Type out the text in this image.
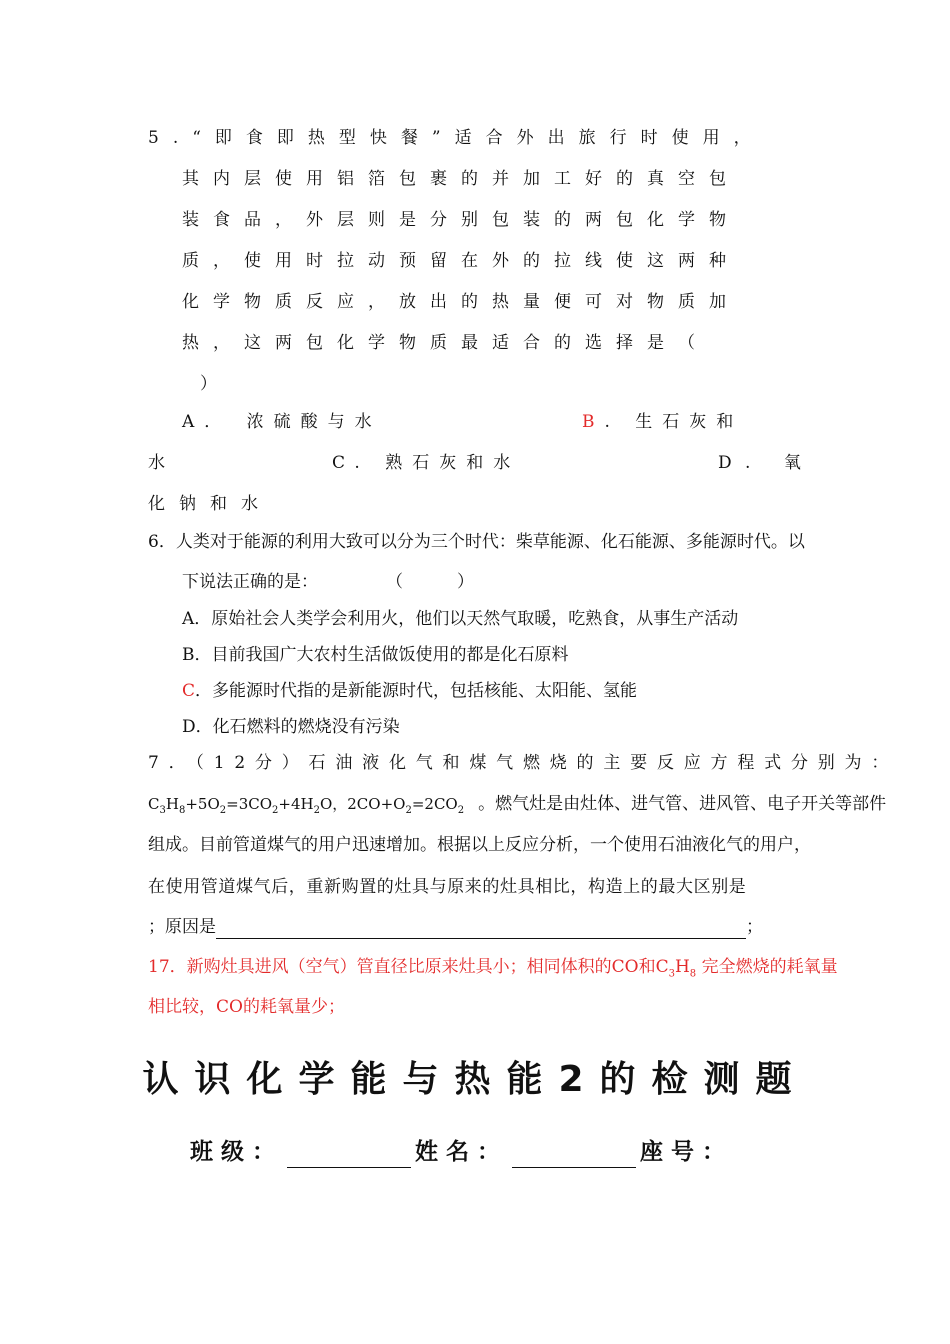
5.“即食即热型快餐”适合外出旅行时使用，
其内层使用铝箔包裹的并加工好的真空包
装食品，外层则是分别包装的两包化学物
质，使用时拉动预留在外的拉线使这两种
化学物质反应，放出的热量便可对物质加
热，这两包化学物质最适合的选择是（
）
A． 浓硫酸与水	B. 生石灰和
水	C. 熟石灰和水	D. 氧
化钠和水
6．人类对于能源的利用大致可以分为三个时代：柴草能源、化石能源、多能源时代。以
下说法正确的是：	（          ）
A．原始社会人类学会利用火，他们以天然气取暖，吃熟食，从事生产活动
B．目前我国广大农村生活做饭使用的都是化石原料
C．多能源时代指的是新能源时代，包括核能、太阳能、氢能
D．化石燃料的燃烧没有污染
7．（12分）石油液化气和煤气燃烧的主要反应方程式分别为：
$C_3H_8+5O_2=3CO_2+4H_2O$，$2CO+O_2=2CO_2$ 。燃气灶是由灶体、进气管、进风管、电子开关等部件
组成。目前管道煤气的用户迅速增加。根据以上反应分析，一个使用石油液化气的用户，
在使用管道煤气后，重新购置的灶具与原来的灶具相比，构造上的最大区别是
；原因是	；
17．新购灶具进风（空气）管直径比原来灶具小；相同体积的CO和$C_3H_8$ 完全燃烧的耗氧量
相比较，CO的耗氧量少；
认识化学能与热能2的检测题
班级：	姓名：	座号：
